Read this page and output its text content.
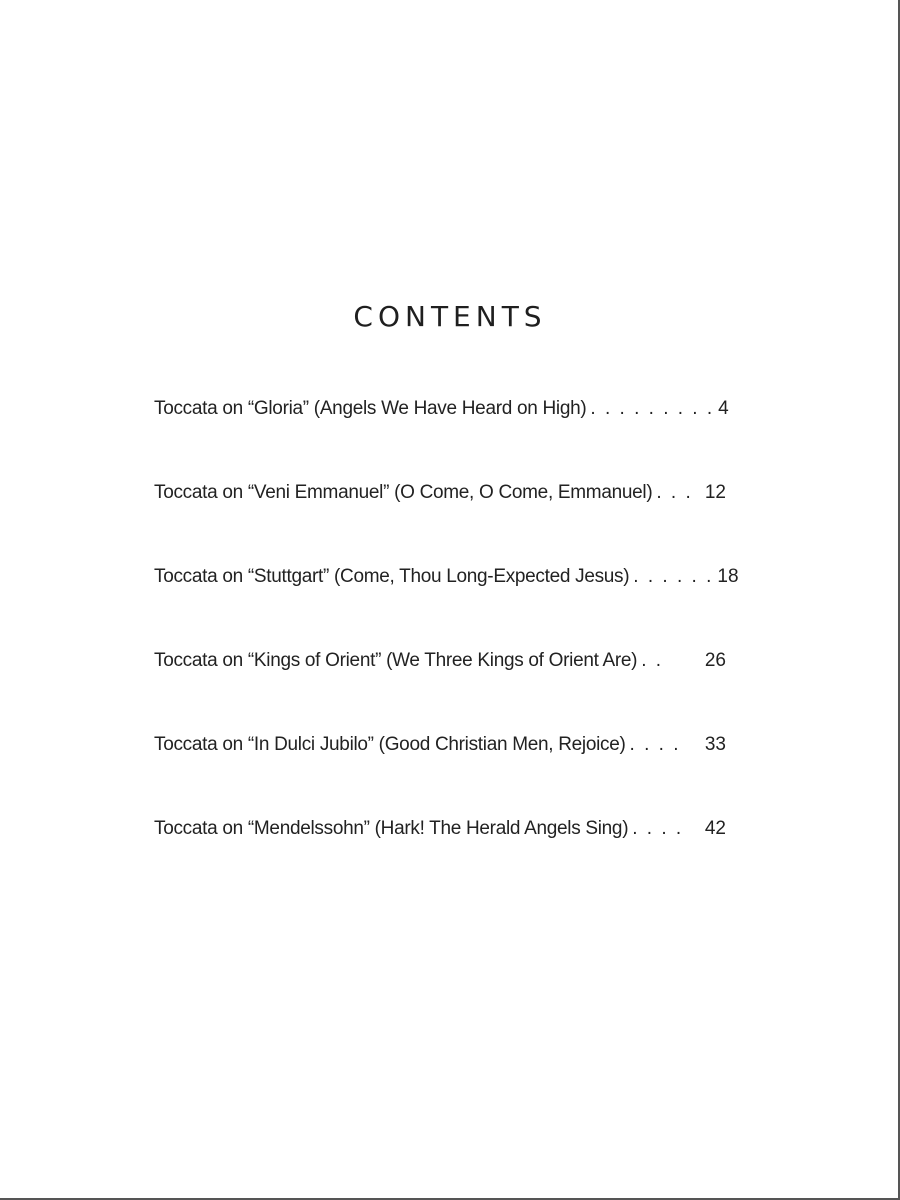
CONTENTS
Toccata on “Gloria” (Angels We Have Heard on High) . . . . . . . . . 4
Toccata on “Veni Emmanuel” (O Come, O Come, Emmanuel) . . . 12
Toccata on “Stuttgart” (Come, Thou Long-Expected Jesus) . . . . . . 18
Toccata on “Kings of Orient” (We Three Kings of Orient Are) . . 26
Toccata on “In Dulci Jubilo” (Good Christian Men, Rejoice) . . . . 33
Toccata on “Mendelssohn” (Hark! The Herald Angels Sing) . . . . 42
